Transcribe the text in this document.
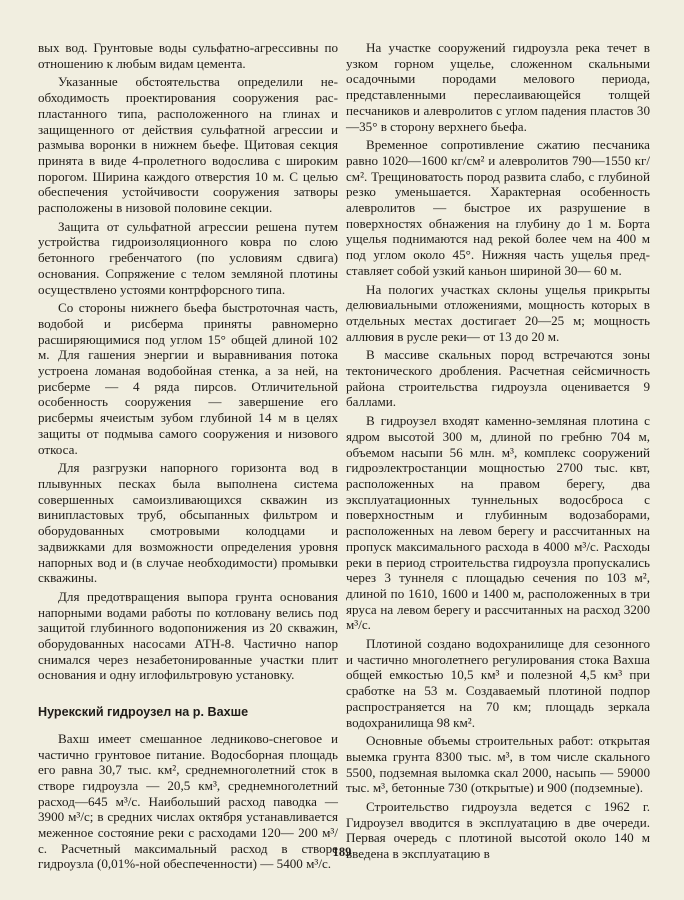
вых вод. Грунтовые воды сульфатно-агрессивны по отношению к любым видам цемента.

Указанные обстоятельства определили необходимость проектирования сооружения распластанного типа, расположенного на глинах и защищенного от действия сульфатной агрессии и размыва воронки в нижнем бьефе. Щитовая секция принята в виде 4-пролетного водослива с широким порогом. Ширина каждого отверстия 10 м. С целью обеспечения устойчивости сооружения затворы расположены в низовой половине секции.

Защита от сульфатной агрессии решена путем устройства гидроизоляционного ковра по слою бетонного гребенчатого (по условиям сдвига) основания. Сопряжение с телом земляной плотины осуществлено устоями контрфорсного типа.

Со стороны нижнего бьефа быстроточная часть, водобой и рисберма приняты равномерно расширяющимися под углом 15° общей длиной 102 м. Для гашения энергии и выравнивания потока устроена ломаная водобойная стенка, а за ней, на рисберме — 4 ряда пирсов. Отличительной особенность сооружения — завершение его рисбермы ячеистым зубом глубиной 14 м в целях защиты от подмыва самого сооружения и низового откоса.

Для разгрузки напорного горизонта вод в плывунных песках была выполнена система совершенных самоизливающихся скважин из винипластовых труб, обсыпанных фильтром и оборудованных смотровыми колодцами и задвижками для возможности определения уровня напорных вод и (в случае необходимости) промывки скважины.

Для предотвращения выпора грунта основания напорными водами работы по котловану велись под защитой глубинного водопонижения из 20 скважин, оборудованных насосами АТН-8. Частично напор снимался через незабетонированные участки плит основания и одну иглофильтровую установку.

Нурекский гидроузел на р. Вахше

Вахш имеет смешанное ледниково-снеговое и частично грунтовое питание. Водосборная площадь его равна 30,7 тыс. км², среднемноголетний сток в створе гидроузла — 20,5 км³, среднемноголетний расход—645 м³/с. Наибольший расход паводка — 3900 м³/с; в средних числах октября устанавливается меженное состояние реки с расходами 120— 200 м³/с. Расчетный максимальный расход в створе гидроузла (0,01%-ной обеспеченности) — 5400 м³/с.

На участке сооружений гидроузла река течет в узком горном ущелье, сложенном скальными осадочными породами мелового периода, представленными переслаивающейся толщей песчаников и алевролитов с углом падения пластов 30—35° в сторону верхнего бьефа.

Временное сопротивление сжатию песчаника равно 1020—1600 кг/см² и алевролитов 790—1550 кг/см². Трещиноватость пород развита слабо, с глубиной резко уменьшается. Характерная особенность алевролитов — быстрое их разрушение в поверхностях обнажения на глубину до 1 м. Борта ущелья поднимаются над рекой более чем на 400 м под углом около 45°. Нижняя часть ущелья представляет собой узкий каньон шириной 30— 60 м.

На пологих участках склоны ущелья прикрыты делювиальными отложениями, мощность которых в отдельных местах достигает 20—25 м; мощность аллювия в русле реки— от 13 до 20 м.

В массиве скальных пород встречаются зоны тектонического дробления. Расчетная сейсмичность района строительства гидроузла оценивается 9 баллами.

В гидроузел входят каменно-земляная плотина с ядром высотой 300 м, длиной по гребню 704 м, объемом насыпи 56 млн. м³, комплекс сооружений гидроэлектростанции мощностью 2700 тыс. квт, расположенных на правом берегу, два эксплуатационных туннельных водосброса с поверхностным и глубинным водозаборами, расположенных на левом берегу и рассчитанных на пропуск максимального расхода в 4000 м³/с. Расходы реки в период строительства гидроузла пропускались через 3 туннеля с площадью сечения по 103 м², длиной по 1610, 1600 и 1400 м, расположенных в три яруса на левом берегу и рассчитанных на расход 3200 м³/с.

Плотиной создано водохранилище для сезонного и частично многолетнего регулирования стока Вахша общей емкостью 10,5 км³ и полезной 4,5 км³ при сработке на 53 м. Создаваемый плотиной подпор распространяется на 70 км; площадь зеркала водохранилища 98 км².

Основные объемы строительных работ: открытая выемка грунта 8300 тыс. м³, в том числе скального 5500, подземная выломка скал 2000, насыпь — 59000 тыс. м³, бетонные 730 (открытые) и 900 (подземные).

Строительство гидроузла ведется с 1962 г. Гидроузел вводится в эксплуатацию в две очереди. Первая очередь с плотиной высотой около 140 м введена в эксплуатацию в

189
